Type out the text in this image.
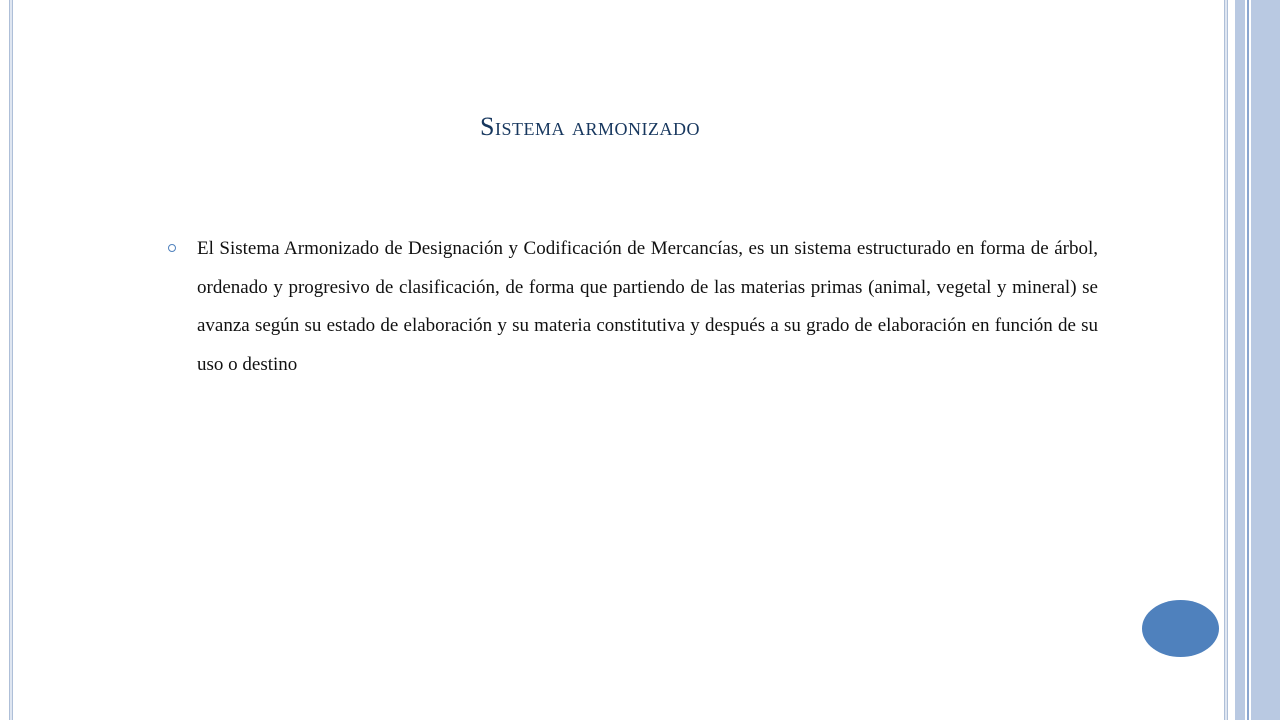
Sistema armonizado
El Sistema Armonizado de Designación y Codificación de Mercancías, es un sistema estructurado en forma de árbol, ordenado y progresivo de clasificación, de forma que partiendo de las materias primas (animal, vegetal y mineral) se avanza según su estado de elaboración y su materia constitutiva y después a su grado de elaboración en función de su uso o destino
